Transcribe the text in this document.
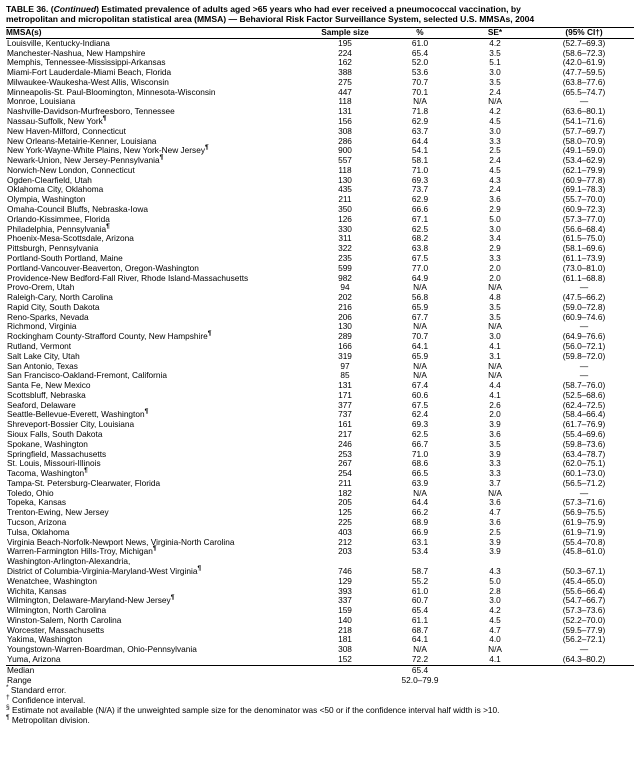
TABLE 36. (Continued) Estimated prevalence of adults aged >65 years who had ever received a pneumococcal vaccination, by
metropolitan and micropolitan statistical area (MMSA) — Behavioral Risk Factor Surveillance System, selected U.S. MMSAs, 2004
MMSA(s)	Sample size	%	SE*	(95% CI†)
Louisville, Kentucky-Indiana	195	61.0	4.2	(52.7–69.3)
Manchester-Nashua, New Hampshire	224	65.4	3.5	(58.6–72.3)
Memphis, Tennessee-Mississippi-Arkansas	162	52.0	5.1	(42.0–61.9)
Miami-Fort Lauderdale-Miami Beach, Florida	388	53.6	3.0	(47.7–59.5)
Milwaukee-Waukesha-West Allis, Wisconsin	275	70.7	3.5	(63.8–77.6)
Minneapolis-St. Paul-Bloomington, Minnesota-Wisconsin	447	70.1	2.4	(65.5–74.7)
Monroe, Louisiana	118	N/A	N/A	—
Nashville-Davidson-Murfreesboro, Tennessee	131	71.8	4.2	(63.6–80.1)
Nassau-Suffolk, New York¶	156	62.9	4.5	(54.1–71.6)
New Haven-Milford, Connecticut	308	63.7	3.0	(57.7–69.7)
New Orleans-Metairie-Kenner, Louisiana	286	64.4	3.3	(58.0–70.9)
New York-Wayne-White Plains, New York-New Jersey¶	900	54.1	2.5	(49.1–59.0)
Newark-Union, New Jersey-Pennsylvania¶	557	58.1	2.4	(53.4–62.9)
Norwich-New London, Connecticut	118	71.0	4.5	(62.1–79.9)
Ogden-Clearfield, Utah	130	69.3	4.3	(60.9–77.8)
Oklahoma City, Oklahoma	435	73.7	2.4	(69.1–78.3)
Olympia, Washington	211	62.9	3.6	(55.7–70.0)
Omaha-Council Bluffs, Nebraska-Iowa	350	66.6	2.9	(60.9–72.3)
Orlando-Kissimmee, Florida	126	67.1	5.0	(57.3–77.0)
Philadelphia, Pennsylvania¶	330	62.5	3.0	(56.6–68.4)
Phoenix-Mesa-Scottsdale, Arizona	311	68.2	3.4	(61.5–75.0)
Pittsburgh, Pennsylvania	322	63.8	2.9	(58.1–69.6)
Portland-South Portland, Maine	235	67.5	3.3	(61.1–73.9)
Portland-Vancouver-Beaverton, Oregon-Washington	599	77.0	2.0	(73.0–81.0)
Providence-New Bedford-Fall River, Rhode Island-Massachusetts	982	64.9	2.0	(61.1–68.8)
Provo-Orem, Utah	94	N/A	N/A	—
Raleigh-Cary, North Carolina	202	56.8	4.8	(47.5–66.2)
Rapid City, South Dakota	216	65.9	3.5	(59.0–72.8)
Reno-Sparks, Nevada	206	67.7	3.5	(60.9–74.6)
Richmond, Virginia	130	N/A	N/A	—
Rockingham County-Strafford County, New Hampshire¶	289	70.7	3.0	(64.9–76.6)
Rutland, Vermont	166	64.1	4.1	(56.0–72.1)
Salt Lake City, Utah	319	65.9	3.1	(59.8–72.0)
San Antonio, Texas	97	N/A	N/A	—
San Francisco-Oakland-Fremont, California	85	N/A	N/A	—
Santa Fe, New Mexico	131	67.4	4.4	(58.7–76.0)
Scottsbluff, Nebraska	171	60.6	4.1	(52.5–68.6)
Seaford, Delaware	377	67.5	2.6	(62.4–72.5)
Seattle-Bellevue-Everett, Washington¶	737	62.4	2.0	(58.4–66.4)
Shreveport-Bossier City, Louisiana	161	69.3	3.9	(61.7–76.9)
Sioux Falls, South Dakota	217	62.5	3.6	(55.4–69.6)
Spokane, Washington	246	66.7	3.5	(59.8–73.6)
Springfield, Massachusetts	253	71.0	3.9	(63.4–78.7)
St. Louis, Missouri-Illinois	267	68.6	3.3	(62.0–75.1)
Tacoma, Washington¶	254	66.5	3.3	(60.1–73.0)
Tampa-St. Petersburg-Clearwater, Florida	211	63.9	3.7	(56.5–71.2)
Toledo, Ohio	182	N/A	N/A	—
Topeka, Kansas	205	64.4	3.6	(57.3–71.6)
Trenton-Ewing, New Jersey	125	66.2	4.7	(56.9–75.5)
Tucson, Arizona	225	68.9	3.6	(61.9–75.9)
Tulsa, Oklahoma	403	66.9	2.5	(61.9–71.9)
Virginia Beach-Norfolk-Newport News, Virginia-North Carolina	212	63.1	3.9	(55.4–70.8)
Warren-Farmington Hills-Troy, Michigan¶	203	53.4	3.9	(45.8–61.0)
Washington-Arlington-Alexandria,				
District of Columbia-Virginia-Maryland-West Virginia¶	746	58.7	4.3	(50.3–67.1)
Wenatchee, Washington	129	55.2	5.0	(45.4–65.0)
Wichita, Kansas	393	61.0	2.8	(55.6–66.4)
Wilmington, Delaware-Maryland-New Jersey¶	337	60.7	3.0	(54.7–66.7)
Wilmington, North Carolina	159	65.4	4.2	(57.3–73.6)
Winston-Salem, North Carolina	140	61.1	4.5	(52.2–70.0)
Worcester, Massachusetts	218	68.7	4.7	(59.5–77.9)
Yakima, Washington	181	64.1	4.0	(56.2–72.1)
Youngstown-Warren-Boardman, Ohio-Pennsylvania	308	N/A	N/A	—
Yuma, Arizona	152	72.2	4.1	(64.3–80.2)
Median		65.4		
Range		52.0–79.9		
* Standard error.
† Confidence interval.
§ Estimate not available (N/A) if the unweighted sample size for the denominator was <50 or if the confidence interval half width is >10.
¶ Metropolitan division.
